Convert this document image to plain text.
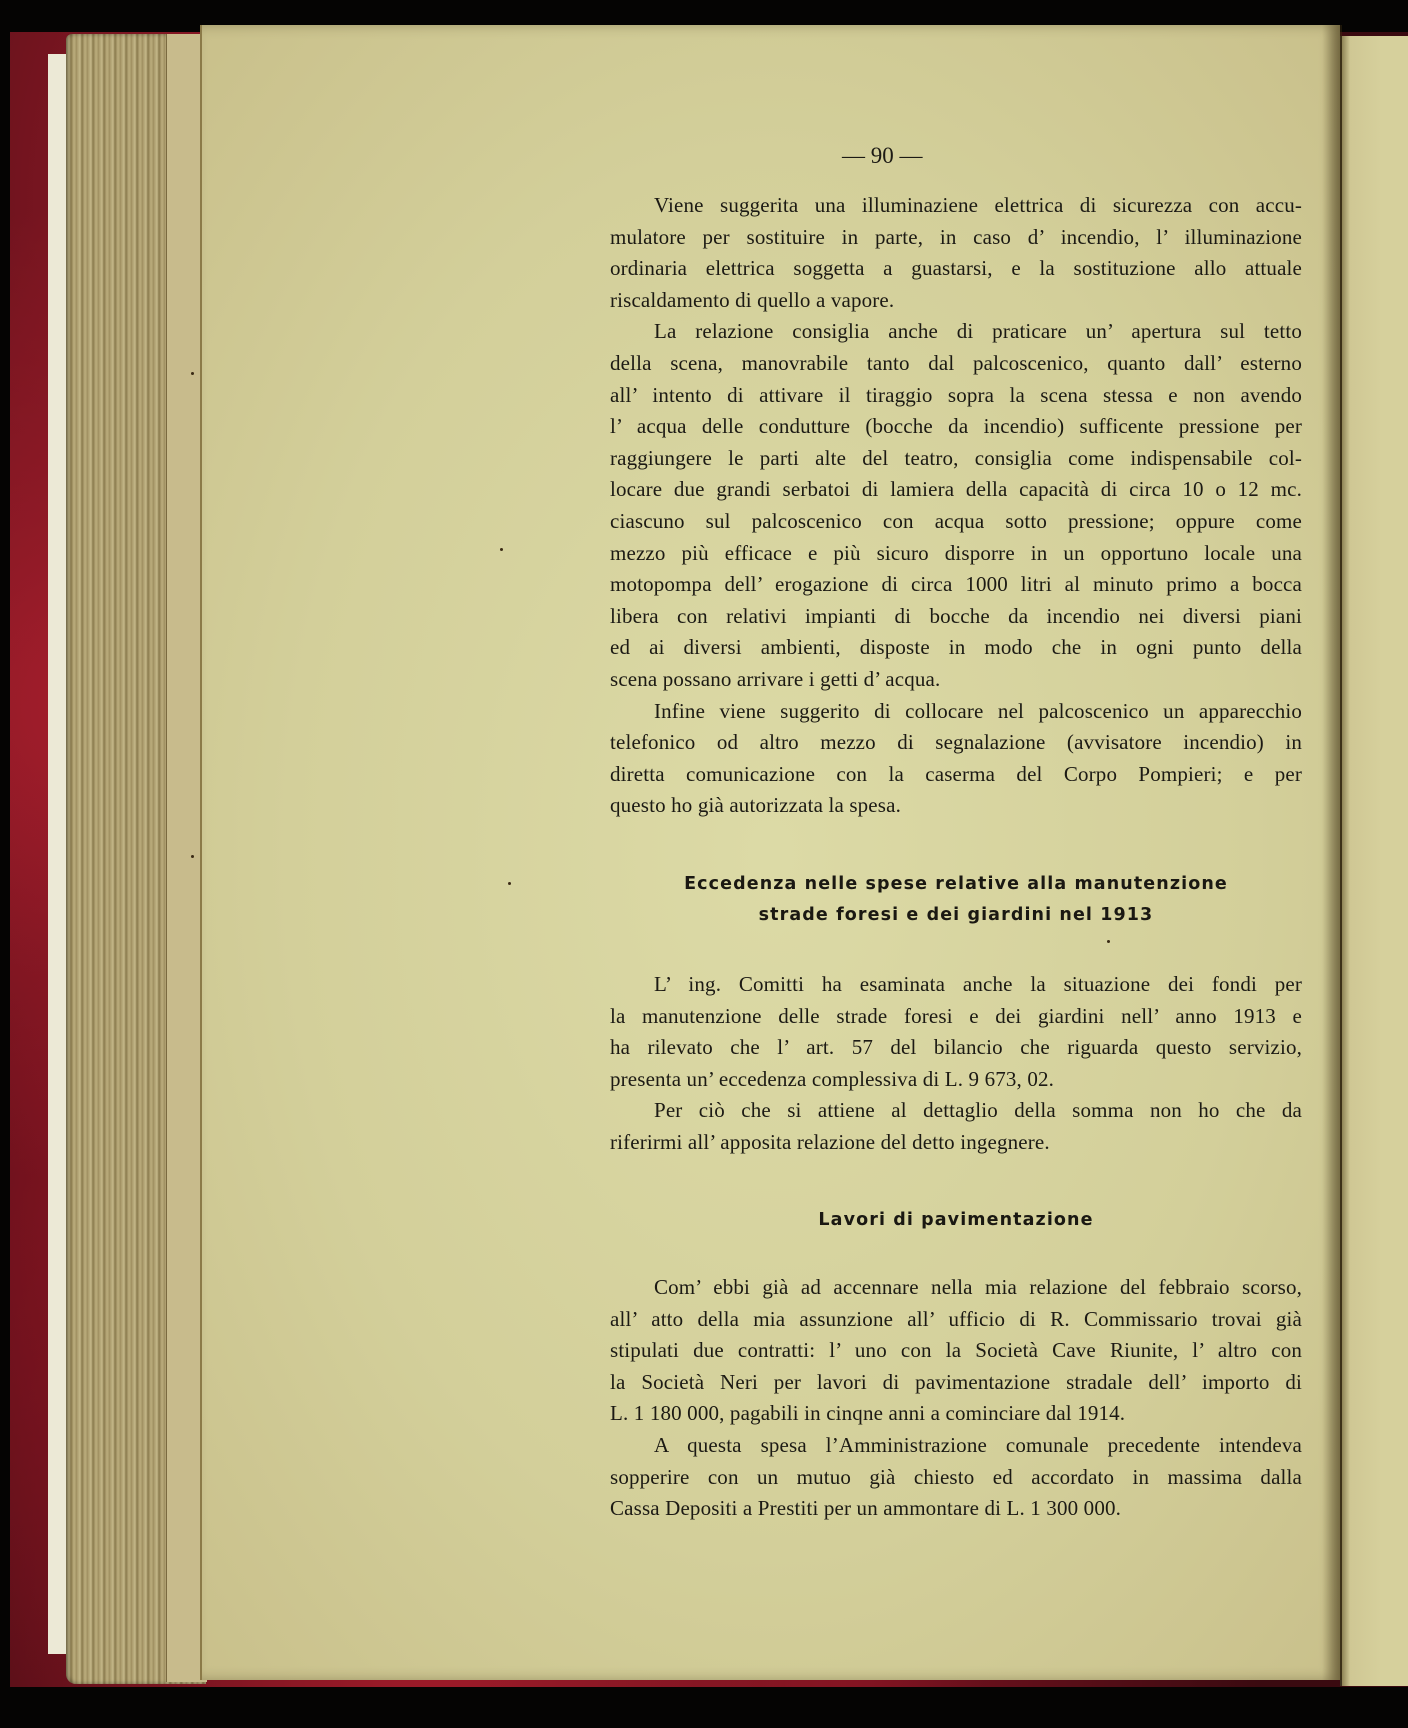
— 90 —

Viene suggerita una illuminaziene elettrica di sicurezza con accu-
mulatore per sostituire in parte, in caso d’ incendio, l’ illuminazione
ordinaria elettrica soggetta a guastarsi, e la sostituzione allo attuale
riscaldamento di quello a vapore.

La relazione consiglia anche di praticare un’ apertura sul tetto
della scena, manovrabile tanto dal palcoscenico, quanto dall’ esterno
all’ intento di attivare il tiraggio sopra la scena stessa e non avendo
l’ acqua delle condutture (bocche da incendio) sufficente pressione per
raggiungere le parti alte del teatro, consiglia come indispensabile col-
locare due grandi serbatoi di lamiera della capacità di circa 10 o 12 mc.
ciascuno sul palcoscenico con acqua sotto pressione; oppure come
mezzo più efficace e più sicuro disporre in un opportuno locale una
motopompa dell’ erogazione di circa 1000 litri al minuto primo a bocca
libera con relativi impianti di bocche da incendio nei diversi piani
ed ai diversi ambienti, disposte in modo che in ogni punto della
scena possano arrivare i getti d’ acqua.

Infine viene suggerito di collocare nel palcoscenico un apparecchio
telefonico od altro mezzo di segnalazione (avvisatore incendio) in
diretta comunicazione con la caserma del Corpo Pompieri; e per
questo ho già autorizzata la spesa.

Eccedenza nelle spese relative alla manutenzione
strade foresi e dei giardini nel 1913

L’ ing. Comitti ha esaminata anche la situazione dei fondi per
la manutenzione delle strade foresi e dei giardini nell’ anno 1913 e
ha rilevato che l’ art. 57 del bilancio che riguarda questo servizio,
presenta un’ eccedenza complessiva di L. 9 673, 02.

Per ciò che si attiene al dettaglio della somma non ho che da
riferirmi all’ apposita relazione del detto ingegnere.

Lavori di pavimentazione

Com’ ebbi già ad accennare nella mia relazione del febbraio scorso,
all’ atto della mia assunzione all’ ufficio di R. Commissario trovai già
stipulati due contratti: l’ uno con la Società Cave Riunite, l’ altro con
la Società Neri per lavori di pavimentazione stradale dell’ importo di
L. 1 180 000, pagabili in cinqne anni a cominciare dal 1914.

A questa spesa l’Amministrazione comunale precedente intendeva
sopperire con un mutuo già chiesto ed accordato in massima dalla
Cassa Depositi a Prestiti per un ammontare di L. 1 300 000.
